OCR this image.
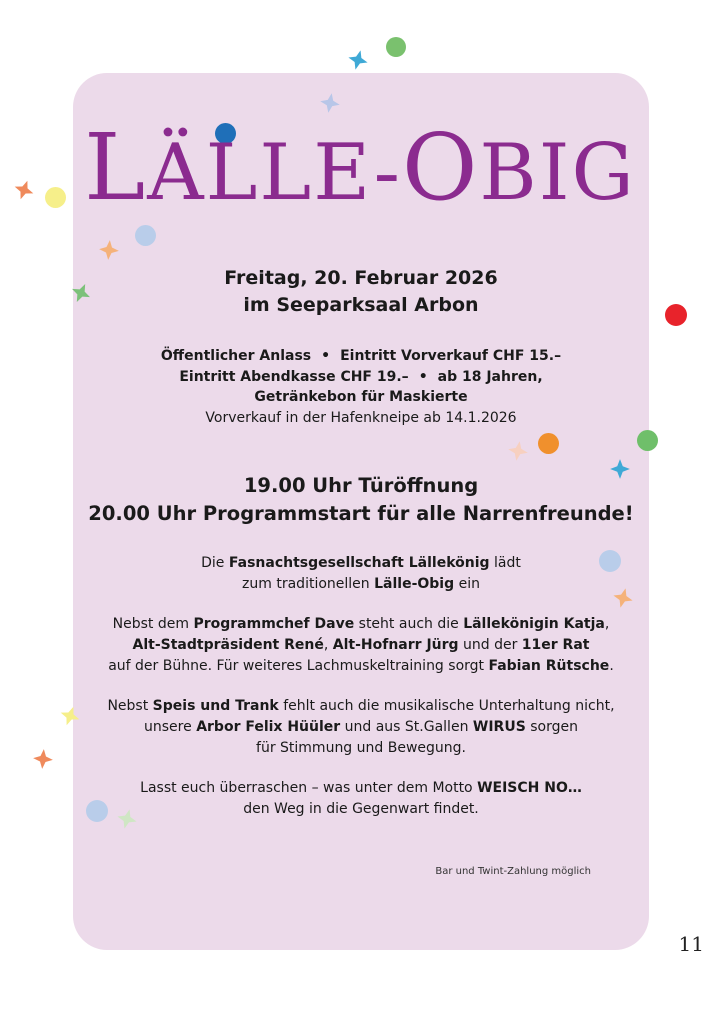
LÄLLE-OBIG
Freitag, 20. Februar 2026
im Seeparksaal Arbon
Öffentlicher Anlass • Eintritt Vorverkauf CHF 15.–
Eintritt Abendkasse CHF 19.– • ab 18 Jahren,
Getränkebon für Maskierte
Vorverkauf in der Hafenkneipe ab 14.1.2026
19.00 Uhr Türöffnung
20.00 Uhr Programmstart für alle Narrenfreunde!
Die Fasnachtsgesellschaft Lällekönig lädt
zum traditionellen Lälle-Obig ein
Nebst dem Programmchef Dave steht auch die Lällekönigin Katja,
Alt-Stadtpräsident René, Alt-Hofnarr Jürg und der 11er Rat
auf der Bühne. Für weiteres Lachmuskeltraining sorgt Fabian Rütsche.
Nebst Speis und Trank fehlt auch die musikalische Unterhaltung nicht,
unsere Arbor Felix Hüüler und aus St.Gallen WIRUS sorgen
für Stimmung und Bewegung.
Lasst euch überraschen – was unter dem Motto WEISCH NO…
den Weg in die Gegenwart findet.
Bar und Twint-Zahlung möglich
11
